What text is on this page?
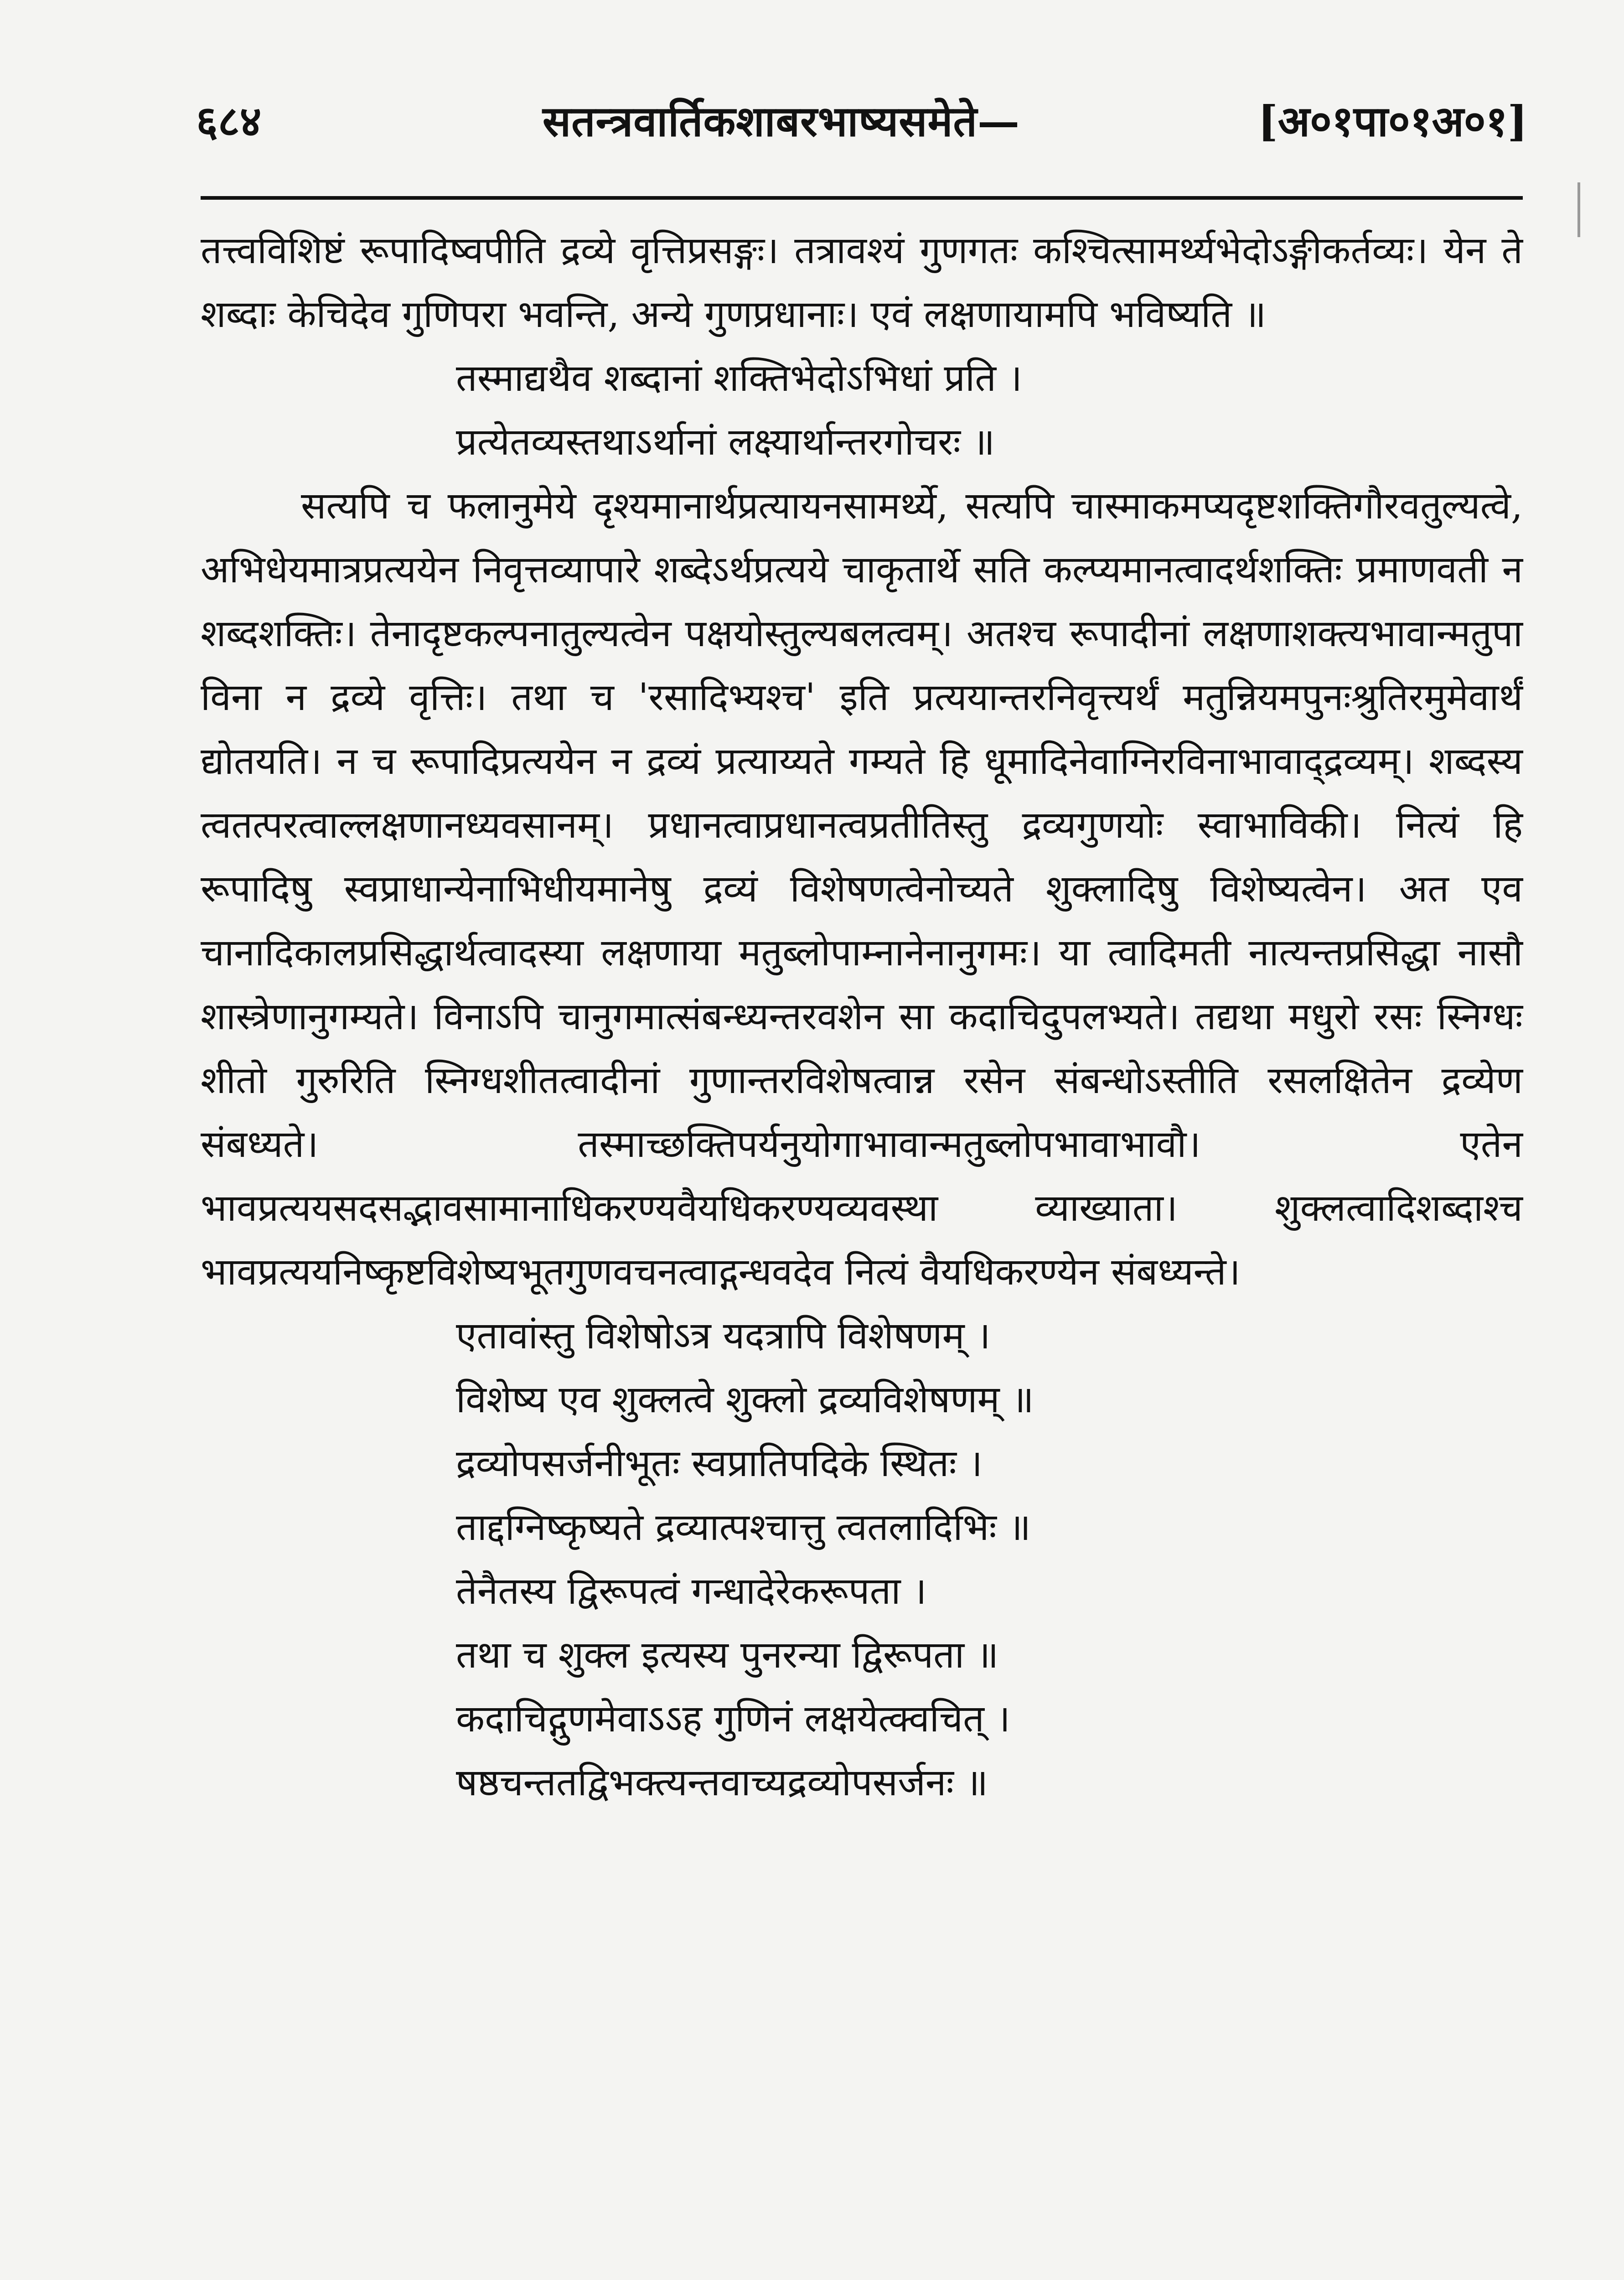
६८४	सतन्त्रवार्तिकशाबरभाष्यसमेते—	[अ०१पा०१अ०१]

तत्त्वविशिष्टं रूपादिष्वपीति द्रव्ये वृत्तिप्रसङ्गः। तत्रावश्यं गुणगतः कश्चित्सामर्थ्यभेदोऽङ्गीकर्तव्यः। येन ते शब्दाः केचिदेव गुणिपरा भवन्ति, अन्ये गुणप्रधानाः। एवं लक्षणायामपि भविष्यति ॥

तस्माद्यथैव शब्दानां शक्तिभेदोऽभिधां प्रति ।
प्रत्येतव्यस्तथाऽर्थानां लक्ष्यार्थान्तरगोचरः ॥

सत्यपि च फलानुमेये दृश्यमानार्थप्रत्यायनसामर्थ्ये, सत्यपि चास्माकमप्यदृष्टशक्तिगौरवतुल्यत्वे, अभिधेयमात्रप्रत्ययेन निवृत्तव्यापारे शब्देऽर्थप्रत्यये चाकृतार्थे सति कल्प्यमानत्वादर्थशक्तिः प्रमाणवती न शब्दशक्तिः। तेनादृष्टकल्पनातुल्यत्वेन पक्षयोस्तुल्यबलत्वम्। अतश्च रूपादीनां लक्षणाशक्त्यभावान्मतुपा विना न द्रव्ये वृत्तिः। तथा च 'रसादिभ्यश्च' इति प्रत्ययान्तरनिवृत्त्यर्थं मतुन्नियमपुनःश्रुतिरमुमेवार्थं द्योतयति। न च रूपादिप्रत्ययेन न द्रव्यं प्रत्याय्यते गम्यते हि धूमादिनेवाग्निरविनाभावाद्द्रव्यम्। शब्दस्य त्वतत्परत्वाल्लक्षणानध्यवसानम्। प्रधानत्वाप्रधानत्वप्रतीतिस्तु द्रव्यगुणयोः स्वाभाविकी। नित्यं हि रूपादिषु स्वप्राधान्येनाभिधीयमानेषु द्रव्यं विशेषणत्वेनोच्यते शुक्लादिषु विशेष्यत्वेन। अत एव चानादिकालप्रसिद्धार्थत्वादस्या लक्षणाया मतुब्लोपाम्नानेनानुगमः। या त्वादिमती नात्यन्तप्रसिद्धा नासौ शास्त्रेणानुगम्यते। विनाऽपि चानुगमात्संबन्ध्यन्तरवशेन सा कदाचिदुपलभ्यते। तद्यथा मधुरो रसः स्निग्धः शीतो गुरुरिति स्निग्धशीतत्वादीनां गुणान्तरविशेषत्वान्न रसेन संबन्धोऽस्तीति रसलक्षितेन द्रव्येण संबध्यते। तस्माच्छक्तिपर्यनुयोगाभावान्मतुब्लोपभावाभावौ। एतेन भावप्रत्ययसदसद्भावसामानाधिकरण्यवैयधिकरण्यव्यवस्था व्याख्याता। शुक्लत्वादिशब्दाश्च भावप्रत्ययनिष्कृष्टविशेष्यभूतगुणवचनत्वाद्गन्धवदेव नित्यं वैयधिकरण्येन संबध्यन्ते।

एतावांस्तु विशेषोऽत्र यदत्रापि विशेषणम् ।
विशेष्य एव शुक्लत्वे शुक्लो द्रव्यविशेषणम् ॥
द्रव्योपसर्जनीभूतः स्वप्रातिपदिके स्थितः ।
ताद्दग्निष्कृष्यते द्रव्यात्पश्चात्तु त्वतलादिभिः ॥
तेनैतस्य द्विरूपत्वं गन्धादेरेकरूपता ।
तथा च शुक्ल इत्यस्य पुनरन्या द्विरूपता ॥
कदाचिद्गुणमेवाऽऽह गुणिनं लक्षयेत्क्वचित् ।
षष्ठचन्ततद्विभक्त्यन्तवाच्यद्रव्योपसर्जनः ॥
